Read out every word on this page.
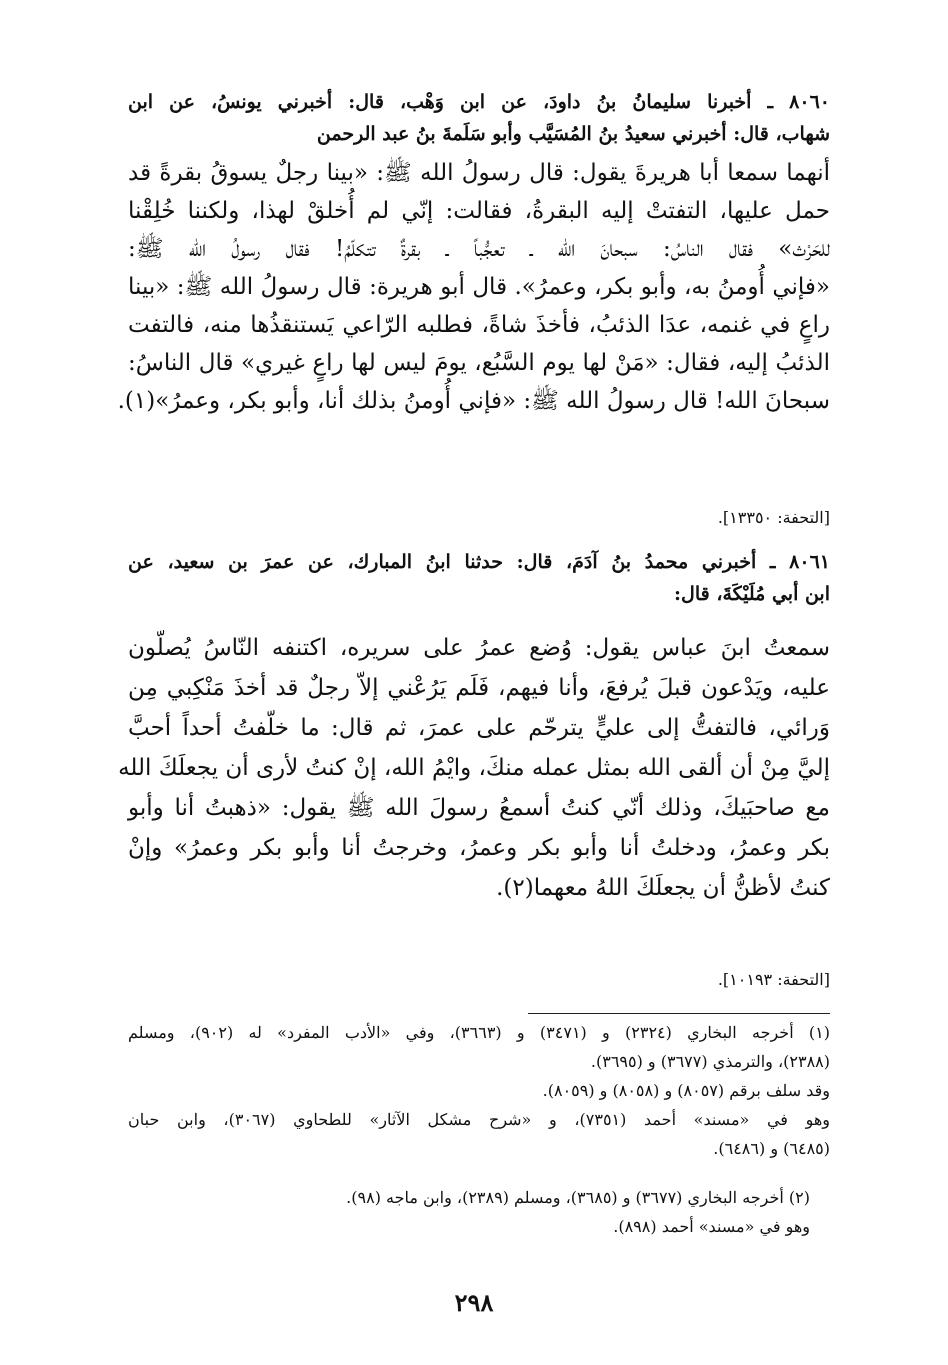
٨٠٦٠ ـ أخبرنا سليمانُ بنُ داودَ، عن ابن وَهْب، قال: أخبرني يونسُ، عن ابن
شهاب، قال: أخبرني سعيدُ بنُ المُسَيَّب وأبو سَلَمةَ بنُ عبد الرحمن
أنهما سمعا أبا هريرةَ يقول: قال رسولُ الله ﷺ: «بينا رجلٌ يسوقُ بقرةً قد
حمل عليها، التفتتْ إليه البقرةُ، فقالت: إنّي لم أُخلقْ لهذا، ولكننا خُلِقْنا
للحَرْث» فقال الناسُ: سبحانَ الله ـ تعجُّباً ـ بقرةٌ تتكلّمُ! فقال رسولُ الله ﷺ:
«فإني أُومنُ به، وأبو بكر، وعمرُ». قال أبو هريرة: قال رسولُ الله ﷺ: «بينا
راعٍ في غنمه، عدَا الذئبُ، فأخذَ شاةً، فطلبه الرّاعي يَستنقذُها منه، فالتفت
الذئبُ إليه، فقال: «مَنْ لها يوم السَّبُع، يومَ ليس لها راعٍ غيري» قال الناسُ:
سبحانَ الله! قال رسولُ الله ﷺ: «فإني أُومنُ بذلك أنا، وأبو بكر، وعمرُ»(١).
[التحفة: ١٣٣٥٠].
٨٠٦١ ـ أخبرني محمدُ بنُ آدَمَ، قال: حدثنا ابنُ المبارك، عن عمرَ بن سعيد، عن
ابن أبي مُلَيْكَةَ، قال:
سمعتُ ابنَ عباس يقول: وُضع عمرُ على سريره، اكتنفه النّاسُ يُصلّون
عليه، ويَدْعون قبلَ يُرفعَ، وأنا فيهم، فَلَم يَرُعْني إلاّ رجلٌ قد أخذَ مَنْكِبي مِن
وَرائي، فالتفتُّ إلى عليٍّ يترحّم على عمرَ، ثم قال: ما خلّفتُ أحداً أحبَّ
إليَّ مِنْ أن ألقى الله بمثل عمله منكَ، وايْمُ الله، إنْ كنتُ لأرى أن يجعلَكَ الله
مع صاحبَيكَ، وذلك أنّي كنتُ أسمعُ رسولَ الله ﷺ يقول: «ذهبتُ أنا وأبو
بكر وعمرُ، ودخلتُ أنا وأبو بكر وعمرُ، وخرجتُ أنا وأبو بكر وعمرُ» وإنْ
كنتُ لأظنُّ أن يجعلَكَ اللهُ معهما(٢).
[التحفة: ١٠١٩٣].
(١) أخرجه البخاري (٢٣٢٤) و (٣٤٧١) و (٣٦٦٣)، وفي «الأدب المفرد» له (٩٠٢)، ومسلم
(٢٣٨٨)، والترمذي (٣٦٧٧) و (٣٦٩٥).
وقد سلف برقم (٨٠٥٧) و (٨٠٥٨) و (٨٠٥٩).
وهو في «مسند» أحمد (٧٣٥١)، و «شرح مشكل الآثار» للطحاوي (٣٠٦٧)، وابن حبان
(٦٤٨٥) و (٦٤٨٦).
(٢) أخرجه البخاري (٣٦٧٧) و (٣٦٨٥)، ومسلم (٢٣٨٩)، وابن ماجه (٩٨).
وهو في «مسند» أحمد (٨٩٨).
٢٩٨
